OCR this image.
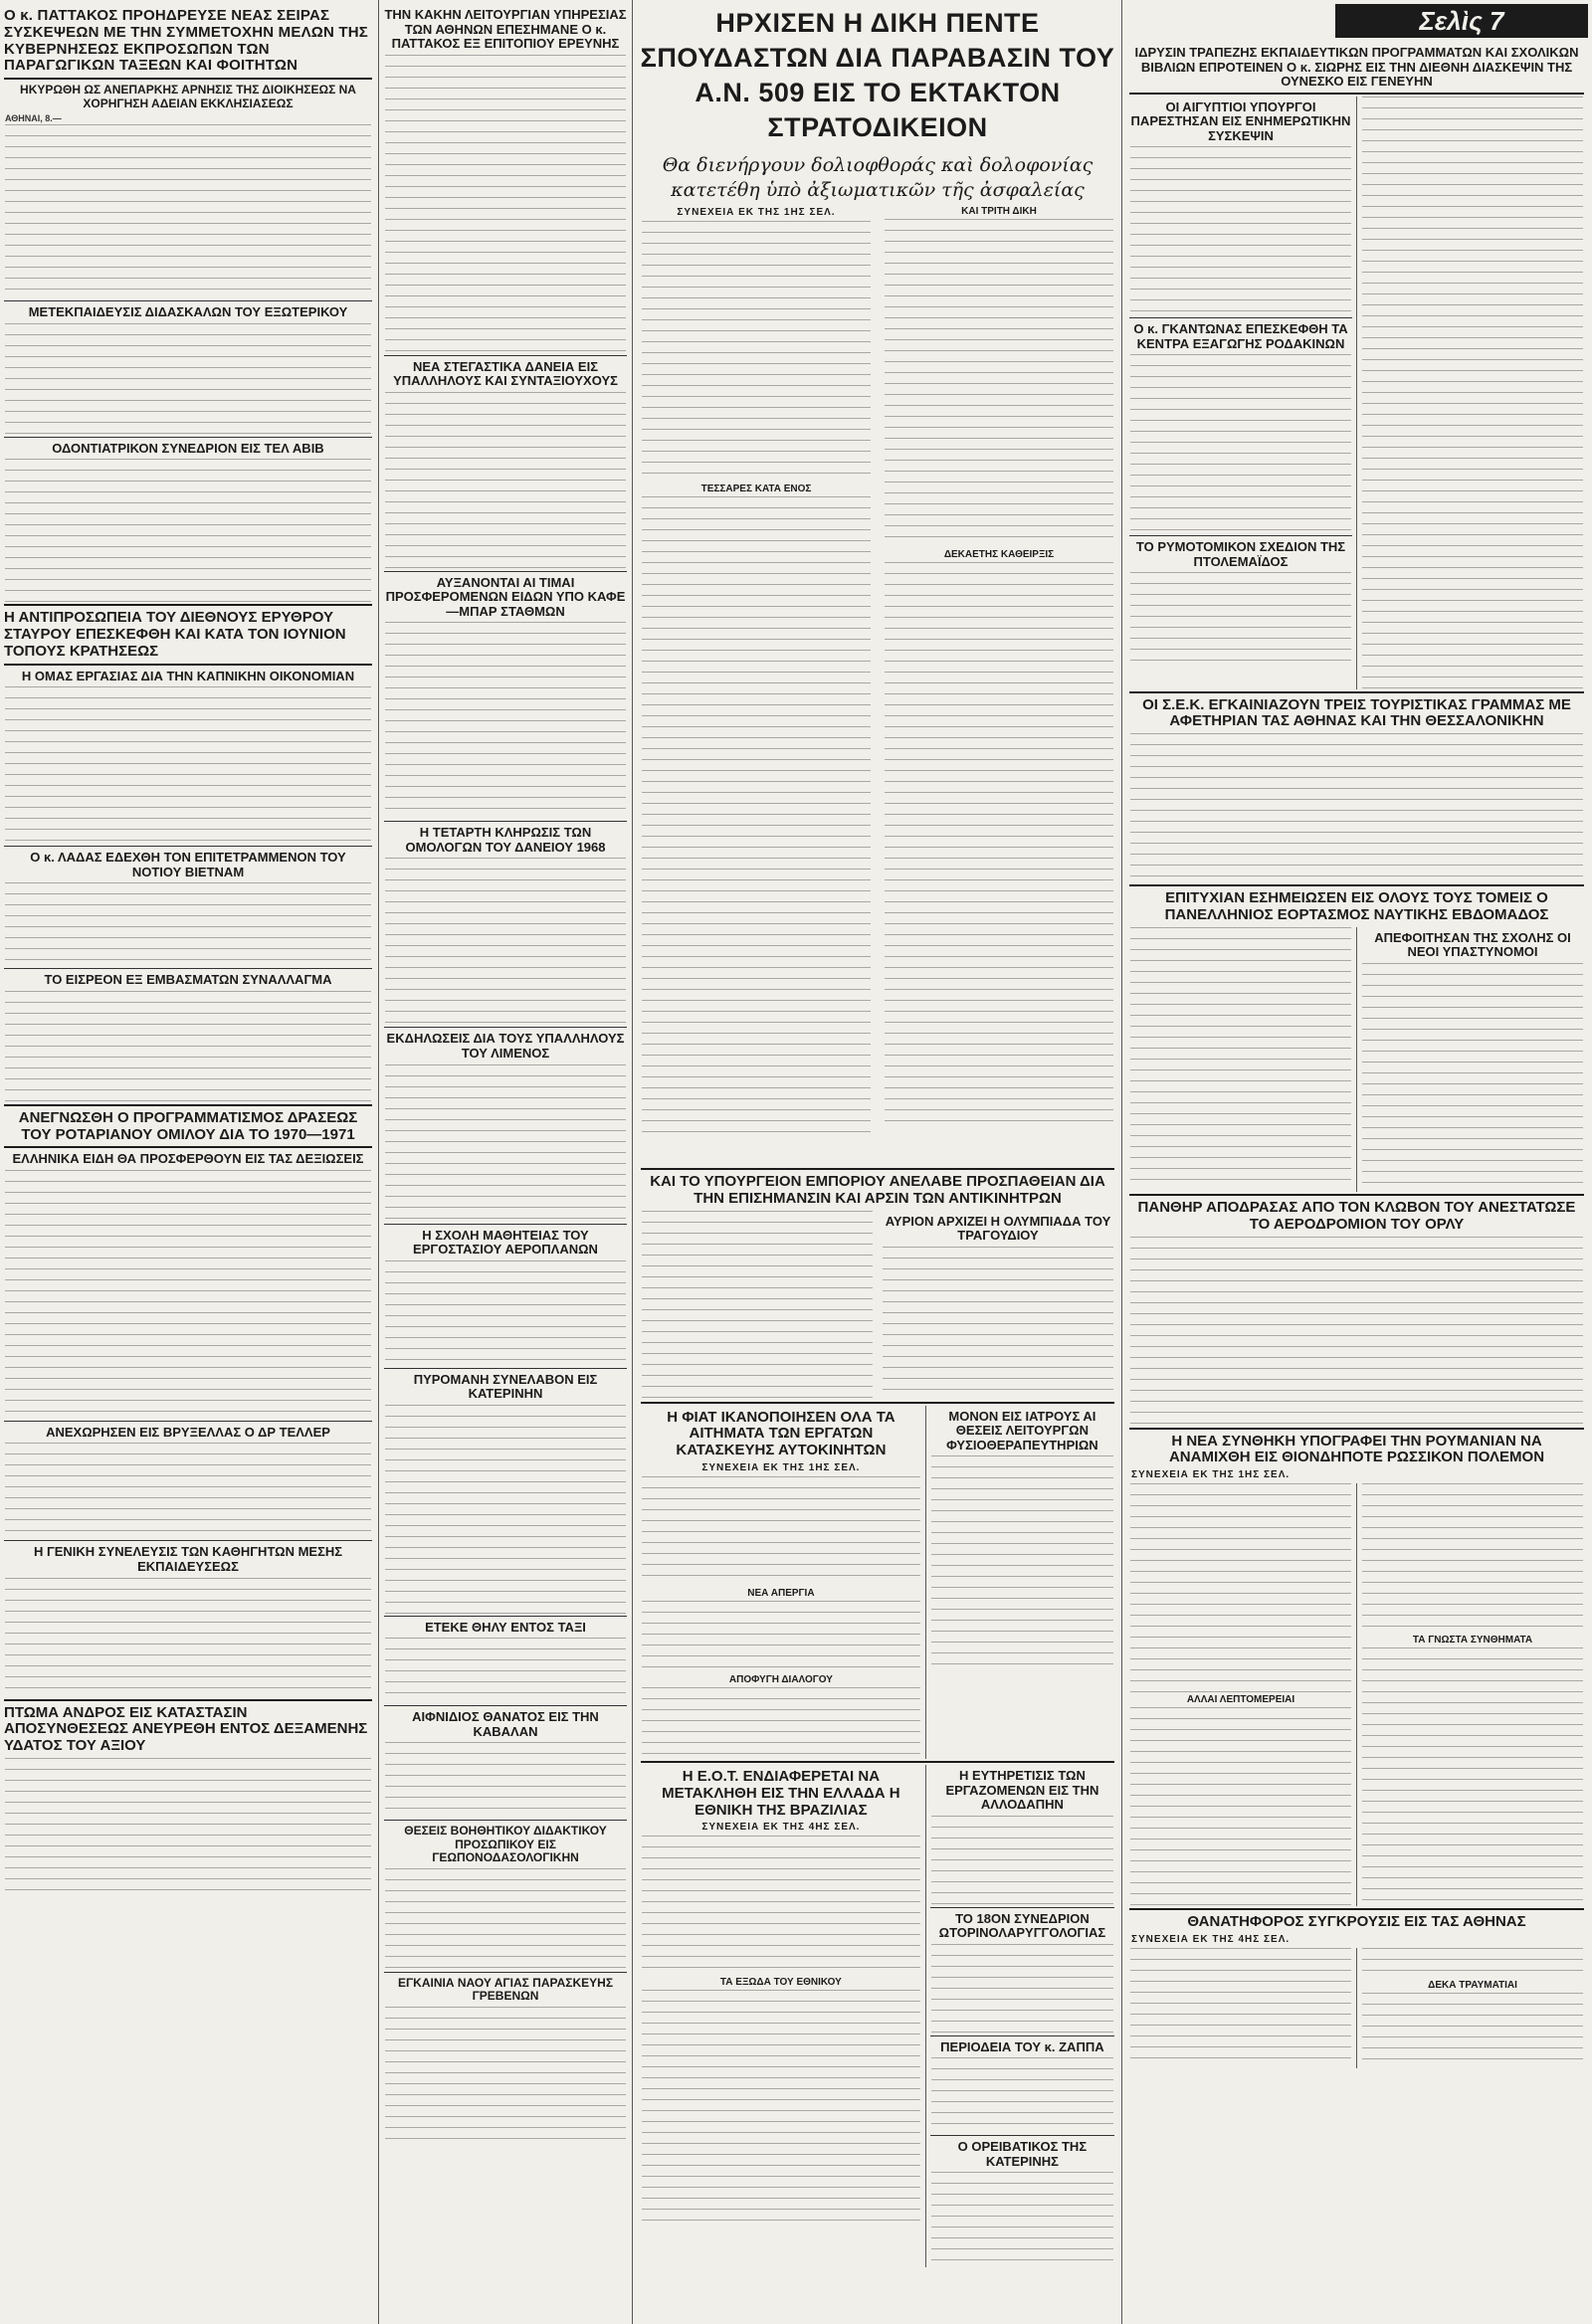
Ο κ. ΠΑΤΤΑΚΟΣ ΠΡΟΗΔΡΕΥΣΕ ΝΕΑΣ ΣΕΙΡΑΣ ΣΥΣΚΕΨΕΩΝ ΜΕ ΤΗΝ ΣΥΜΜΕΤΟΧΗΝ ΜΕΛΩΝ ΤΗΣ ΚΥΒΕΡΝΗΣΕΩΣ ΕΚΠΡΟΣΩΠΩΝ ΤΩΝ ΠΑΡΑΓΩΓΙΚΩΝ ΤΑΞΕΩΝ ΚΑΙ ΦΟΙΤΗΤΩΝ
ΗΚΥΡΩΘΗ ΩΣ ΑΝΕΠΑΡΚΗΣ ΑΡΝΗΣΙΣ ΤΗΣ ΔΙΟΙΚΗΣΕΩΣ ΝΑ ΧΟΡΗΓΗΣΗ ΑΔΕΙΑΝ ΕΚΚΛΗΣΙΑΣΕΩΣ
ΑΘΗΝΑΙ, 8.—
ΜΕΤΕΚΠΑΙΔΕΥΣΙΣ ΔΙΔΑΣΚΑΛΩΝ ΤΟΥ ΕΞΩΤΕΡΙΚΟΥ
ΟΔΟΝΤΙΑΤΡΙΚΟΝ ΣΥΝΕΔΡΙΟΝ ΕΙΣ ΤΕΛ ΑΒΙΒ
Η ΑΝΤΙΠΡΟΣΩΠΕΙΑ ΤΟΥ ΔΙΕΘΝΟΥΣ ΕΡΥΘΡΟΥ ΣΤΑΥΡΟΥ ΕΠΕΣΚΕΦΘΗ ΚΑΙ ΚΑΤΑ ΤΟΝ ΙΟΥΝΙΟΝ ΤΟΠΟΥΣ ΚΡΑΤΗΣΕΩΣ
Η ΟΜΑΣ ΕΡΓΑΣΙΑΣ ΔΙΑ ΤΗΝ ΚΑΠΝΙΚΗΝ ΟΙΚΟΝΟΜΙΑΝ
Ο κ. ΛΑΔΑΣ ΕΔΕΧΘΗ ΤΟΝ ΕΠΙΤΕΤΡΑΜΜΕΝΟΝ ΤΟΥ ΝΟΤΙΟΥ ΒΙΕΤΝΑΜ
ΤΟ ΕΙΣΡΕΟΝ ΕΞ ΕΜΒΑΣΜΑΤΩΝ ΣΥΝΑΛΛΑΓΜΑ
ΑΝΕΓΝΩΣΘΗ Ο ΠΡΟΓΡΑΜΜΑΤΙΣΜΟΣ ΔΡΑΣΕΩΣ ΤΟΥ ΡΟΤΑΡΙΑΝΟΥ ΟΜΙΛΟΥ ΔΙΑ ΤΟ 1970—1971
ΕΛΛΗΝΙΚΑ ΕΙΔΗ ΘΑ ΠΡΟΣΦΕΡΘΟΥΝ ΕΙΣ ΤΑΣ ΔΕΞΙΩΣΕΙΣ
ΑΝΕΧΩΡΗΣΕΝ ΕΙΣ ΒΡΥΞΕΛΛΑΣ Ο ΔΡ ΤΕΛΛΕΡ
Η ΓΕΝΙΚΗ ΣΥΝΕΛΕΥΣΙΣ ΤΩΝ ΚΑΘΗΓΗΤΩΝ ΜΕΣΗΣ ΕΚΠΑΙΔΕΥΣΕΩΣ
ΠΤΩΜΑ ΑΝΔΡΟΣ ΕΙΣ ΚΑΤΑΣΤΑΣΙΝ ΑΠΟΣΥΝΘΕΣΕΩΣ ΑΝΕΥΡΕΘΗ ΕΝΤΟΣ ΔΕΞΑΜΕΝΗΣ ΥΔΑΤΟΣ ΤΟΥ ΑΞΙΟΥ
ΤΗΝ ΚΑΚΗΝ ΛΕΙΤΟΥΡΓΙΑΝ ΥΠΗΡΕΣΙΑΣ ΤΩΝ ΑΘΗΝΩΝ ΕΠΕΣΗΜΑΝΕ Ο κ. ΠΑΤΤΑΚΟΣ ΕΞ ΕΠΙΤΟΠΙΟΥ ΕΡΕΥΝΗΣ
ΝΕΑ ΣΤΕΓΑΣΤΙΚΑ ΔΑΝΕΙΑ ΕΙΣ ΥΠΑΛΛΗΛΟΥΣ ΚΑΙ ΣΥΝΤΑΞΙΟΥΧΟΥΣ
ΑΥΞΑΝΟΝΤΑΙ ΑΙ ΤΙΜΑΙ ΠΡΟΣΦΕΡΟΜΕΝΩΝ ΕΙΔΩΝ ΥΠΟ ΚΑΦΕ—ΜΠΑΡ ΣΤΑΘΜΩΝ
Η ΤΕΤΑΡΤΗ ΚΛΗΡΩΣΙΣ ΤΩΝ ΟΜΟΛΟΓΩΝ ΤΟΥ ΔΑΝΕΙΟΥ 1968
ΕΚΔΗΛΩΣΕΙΣ ΔΙΑ ΤΟΥΣ ΥΠΑΛΛΗΛΟΥΣ ΤΟΥ ΛΙΜΕΝΟΣ
Η ΣΧΟΛΗ ΜΑΘΗΤΕΙΑΣ ΤΟΥ ΕΡΓΟΣΤΑΣΙΟΥ ΑΕΡΟΠΛΑΝΩΝ
ΠΥΡΟΜΑΝΗ ΣΥΝΕΛΑΒΟΝ ΕΙΣ ΚΑΤΕΡΙΝΗΝ
ΕΤΕΚΕ ΘΗΛΥ ΕΝΤΟΣ ΤΑΞΙ
ΑΙΦΝΙΔΙΟΣ ΘΑΝΑΤΟΣ ΕΙΣ ΤΗΝ ΚΑΒΑΛΑΝ
ΘΕΣΕΙΣ ΒΟΗΘΗΤΙΚΟΥ ΔΙΔΑΚΤΙΚΟΥ ΠΡΟΣΩΠΙΚΟΥ ΕΙΣ ΓΕΩΠΟΝΟΔΑΣΟΛΟΓΙΚΗΝ
ΕΓΚΑΙΝΙΑ ΝΑΟΥ ΑΓΙΑΣ ΠΑΡΑΣΚΕΥΗΣ ΓΡΕΒΕΝΩΝ
ΗΡΧΙΣΕΝ Η ΔΙΚΗ ΠΕΝΤΕ ΣΠΟΥΔΑΣΤΩΝ ΔΙΑ ΠΑΡΑΒΑΣΙΝ ΤΟΥ Α.Ν. 509 ΕΙΣ ΤΟ ΕΚΤΑΚΤΟΝ ΣΤΡΑΤΟΔΙΚΕΙΟΝ
Θα διενήργουν δολιοφθοράς καὶ δολοφονίας κατετέθη ὑπὸ ἀξιωματικῶν τῆς ἀσφαλείας
ΣΥΝΕΧΕΙΑ ΕΚ ΤΗΣ 1ΗΣ ΣΕΛ.
ΤΕΣΣΑΡΕΣ ΚΑΤΑ ΕΝΟΣ
ΚΑΙ ΤΡΙΤΗ ΔΙΚΗ
ΔΕΚΑΕΤΗΣ ΚΑΘΕΙΡΞΙΣ
ΚΑΙ ΤΟ ΥΠΟΥΡΓΕΙΟΝ ΕΜΠΟΡΙΟΥ ΑΝΕΛΑΒΕ ΠΡΟΣΠΑΘΕΙΑΝ ΔΙΑ ΤΗΝ ΕΠΙΣΗΜΑΝΣΙΝ ΚΑΙ ΑΡΣΙΝ ΤΩΝ ΑΝΤΙΚΙΝΗΤΡΩΝ
ΑΥΡΙΟΝ ΑΡΧΙΖΕΙ Η ΟΛΥΜΠΙΑΔΑ ΤΟΥ ΤΡΑΓΟΥΔΙΟΥ
Η ΦΙΑΤ ΙΚΑΝΟΠΟΙΗΣΕΝ ΟΛΑ ΤΑ ΑΙΤΗΜΑΤΑ ΤΩΝ ΕΡΓΑΤΩΝ ΚΑΤΑΣΚΕΥΗΣ ΑΥΤΟΚΙΝΗΤΩΝ
ΣΥΝΕΧΕΙΑ ΕΚ ΤΗΣ 1ΗΣ ΣΕΛ.
ΝΕΑ ΑΠΕΡΓΙΑ
ΑΠΟΦΥΓΗ ΔΙΑΛΟΓΟΥ
ΜΟΝΟΝ ΕΙΣ ΙΑΤΡΟΥΣ ΑΙ ΘΕΣΕΙΣ ΛΕΙΤΟΥΡΓΩΝ ΦΥΣΙΟΘΕΡΑΠΕΥΤΗΡΙΩΝ
Η Ε.Ο.Τ. ΕΝΔΙΑΦΕΡΕΤΑΙ ΝΑ ΜΕΤΑΚΛΗΘΗ ΕΙΣ ΤΗΝ ΕΛΛΑΔΑ Η ΕΘΝΙΚΗ ΤΗΣ ΒΡΑΖΙΛΙΑΣ
ΣΥΝΕΧΕΙΑ ΕΚ ΤΗΣ 4ΗΣ ΣΕΛ.
ΤΑ ΕΞΩΔΑ ΤΟΥ ΕΘΝΙΚΟΥ
Η ΕΥΤΗΡΕΤΙΣΙΣ ΤΩΝ ΕΡΓΑΖΟΜΕΝΩΝ ΕΙΣ ΤΗΝ ΑΛΛΟΔΑΠΗΝ
ΤΟ 18ΟΝ ΣΥΝΕΔΡΙΟΝ ΩΤΟΡΙΝΟΛΑΡΥΓΓΟΛΟΓΙΑΣ
ΠΕΡΙΟΔΕΙΑ ΤΟΥ κ. ΖΑΠΠΑ
Ο ΟΡΕΙΒΑΤΙΚΟΣ ΤΗΣ ΚΑΤΕΡΙΝΗΣ
Σελὶς 7
ΙΔΡΥΣΙΝ ΤΡΑΠΕΖΗΣ ΕΚΠΑΙΔΕΥΤΙΚΩΝ ΠΡΟΓΡΑΜΜΑΤΩΝ ΚΑΙ ΣΧΟΛΙΚΩΝ ΒΙΒΛΙΩΝ ΕΠΡΟΤΕΙΝΕΝ Ο κ. ΣΙΩΡΗΣ ΕΙΣ ΤΗΝ ΔΙΕΘΝΗ ΔΙΑΣΚΕΨΙΝ ΤΗΣ ΟΥΝΕΣΚΟ ΕΙΣ ΓΕΝΕΥΗΝ
ΟΙ ΑΙΓΥΠΤΙΟΙ ΥΠΟΥΡΓΟΙ ΠΑΡΕΣΤΗΣΑΝ ΕΙΣ ΕΝΗΜΕΡΩΤΙΚΗΝ ΣΥΣΚΕΨΙΝ
Ο κ. ΓΚΑΝΤΩΝΑΣ ΕΠΕΣΚΕΦΘΗ ΤΑ ΚΕΝΤΡΑ ΕΞΑΓΩΓΗΣ ΡΟΔΑΚΙΝΩΝ
ΤΟ ΡΥΜΟΤΟΜΙΚΟΝ ΣΧΕΔΙΟΝ ΤΗΣ ΠΤΟΛΕΜΑΪΔΟΣ
ΟΙ Σ.Ε.Κ. ΕΓΚΑΙΝΙΑΖΟΥΝ ΤΡΕΙΣ ΤΟΥΡΙΣΤΙΚΑΣ ΓΡΑΜΜΑΣ ΜΕ ΑΦΕΤΗΡΙΑΝ ΤΑΣ ΑΘΗΝΑΣ ΚΑΙ ΤΗΝ ΘΕΣΣΑΛΟΝΙΚΗΝ
ΕΠΙΤΥΧΙΑΝ ΕΣΗΜΕΙΩΣΕΝ ΕΙΣ ΟΛΟΥΣ ΤΟΥΣ ΤΟΜΕΙΣ Ο ΠΑΝΕΛΛΗΝΙΟΣ ΕΟΡΤΑΣΜΟΣ ΝΑΥΤΙΚΗΣ ΕΒΔΟΜΑΔΟΣ
ΑΠΕΦΟΙΤΗΣΑΝ ΤΗΣ ΣΧΟΛΗΣ ΟΙ ΝΕΟΙ ΥΠΑΣΤΥΝΟΜΟΙ
ΠΑΝΘΗΡ ΑΠΟΔΡΑΣΑΣ ΑΠΟ ΤΟΝ ΚΛΩΒΟΝ ΤΟΥ ΑΝΕΣΤΑΤΩΣΕ ΤΟ ΑΕΡΟΔΡΟΜΙΟΝ ΤΟΥ ΟΡΛΥ
Η ΝΕΑ ΣΥΝΘΗΚΗ ΥΠΟΓΡΑΦΕΙ ΤΗΝ ΡΟΥΜΑΝΙΑΝ ΝΑ ΑΝΑΜΙΧΘΗ ΕΙΣ ΘΙΟΝΔΗΠΟΤΕ ΡΩΣΣΙΚΟΝ ΠΟΛΕΜΟΝ
ΣΥΝΕΧΕΙΑ ΕΚ ΤΗΣ 1ΗΣ ΣΕΛ.
ΑΛΛΑΙ ΛΕΠΤΟΜΕΡΕΙΑΙ
ΤΑ ΓΝΩΣΤΑ ΣΥΝΘΗΜΑΤΑ
ΘΑΝΑΤΗΦΟΡΟΣ ΣΥΓΚΡΟΥΣΙΣ ΕΙΣ ΤΑΣ ΑΘΗΝΑΣ
ΣΥΝΕΧΕΙΑ ΕΚ ΤΗΣ 4ΗΣ ΣΕΛ.
ΔΕΚΑ ΤΡΑΥΜΑΤΙΑΙ
